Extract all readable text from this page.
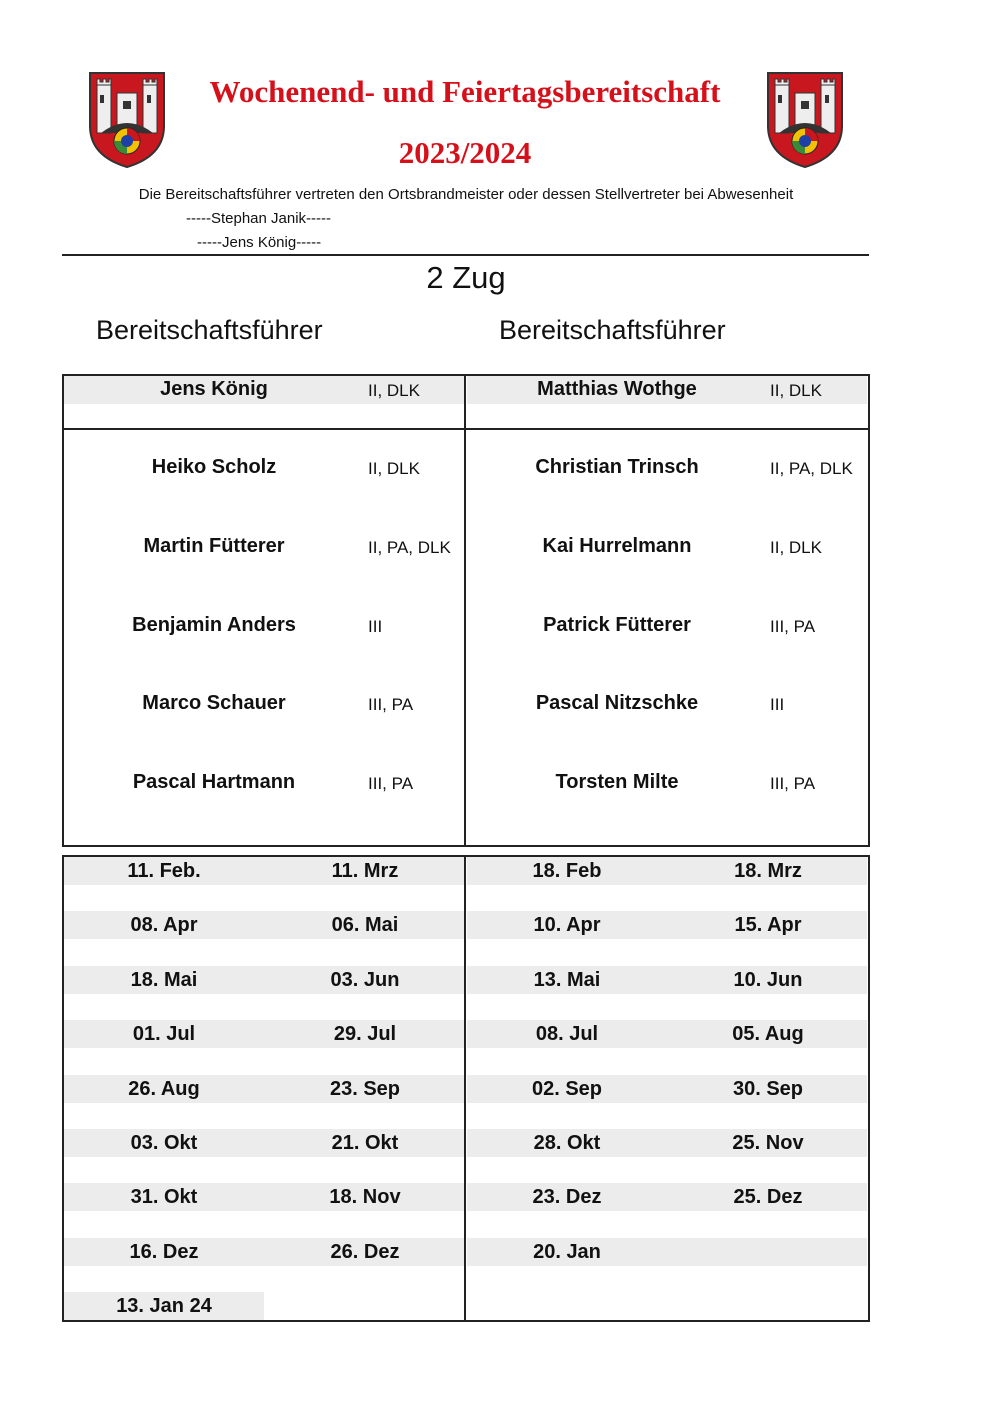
Wochenend- und Feiertagsbereitschaft
2023/2024
Die Bereitschaftsführer vertreten den Ortsbrandmeister oder dessen Stellvertreter bei Abwesenheit
-----Stephan Janik-----
-----Jens König-----
2 Zug
Bereitschaftsführer	Bereitschaftsführer
Jens König	II, DLK
Heiko Scholz	II, DLK
Martin Fütterer	II, PA, DLK
Benjamin Anders	III
Marco Schauer	III, PA
Pascal Hartmann	III, PA
Matthias Wothge	II, DLK
Christian Trinsch	II, PA, DLK
Kai Hurrelmann	II, DLK
Patrick Fütterer	III, PA
Pascal Nitzschke	III
Torsten Milte	III, PA
11. Feb.	11. Mrz
08. Apr	06. Mai
18. Mai	03. Jun
01. Jul	29. Jul
26. Aug	23. Sep
03. Okt	21. Okt
31. Okt	18. Nov
16. Dez	26. Dez
13. Jan 24
18. Feb	18. Mrz
10. Apr	15. Apr
13. Mai	10. Jun
08. Jul	05. Aug
02. Sep	30. Sep
28. Okt	25. Nov
23. Dez	25. Dez
20. Jan
